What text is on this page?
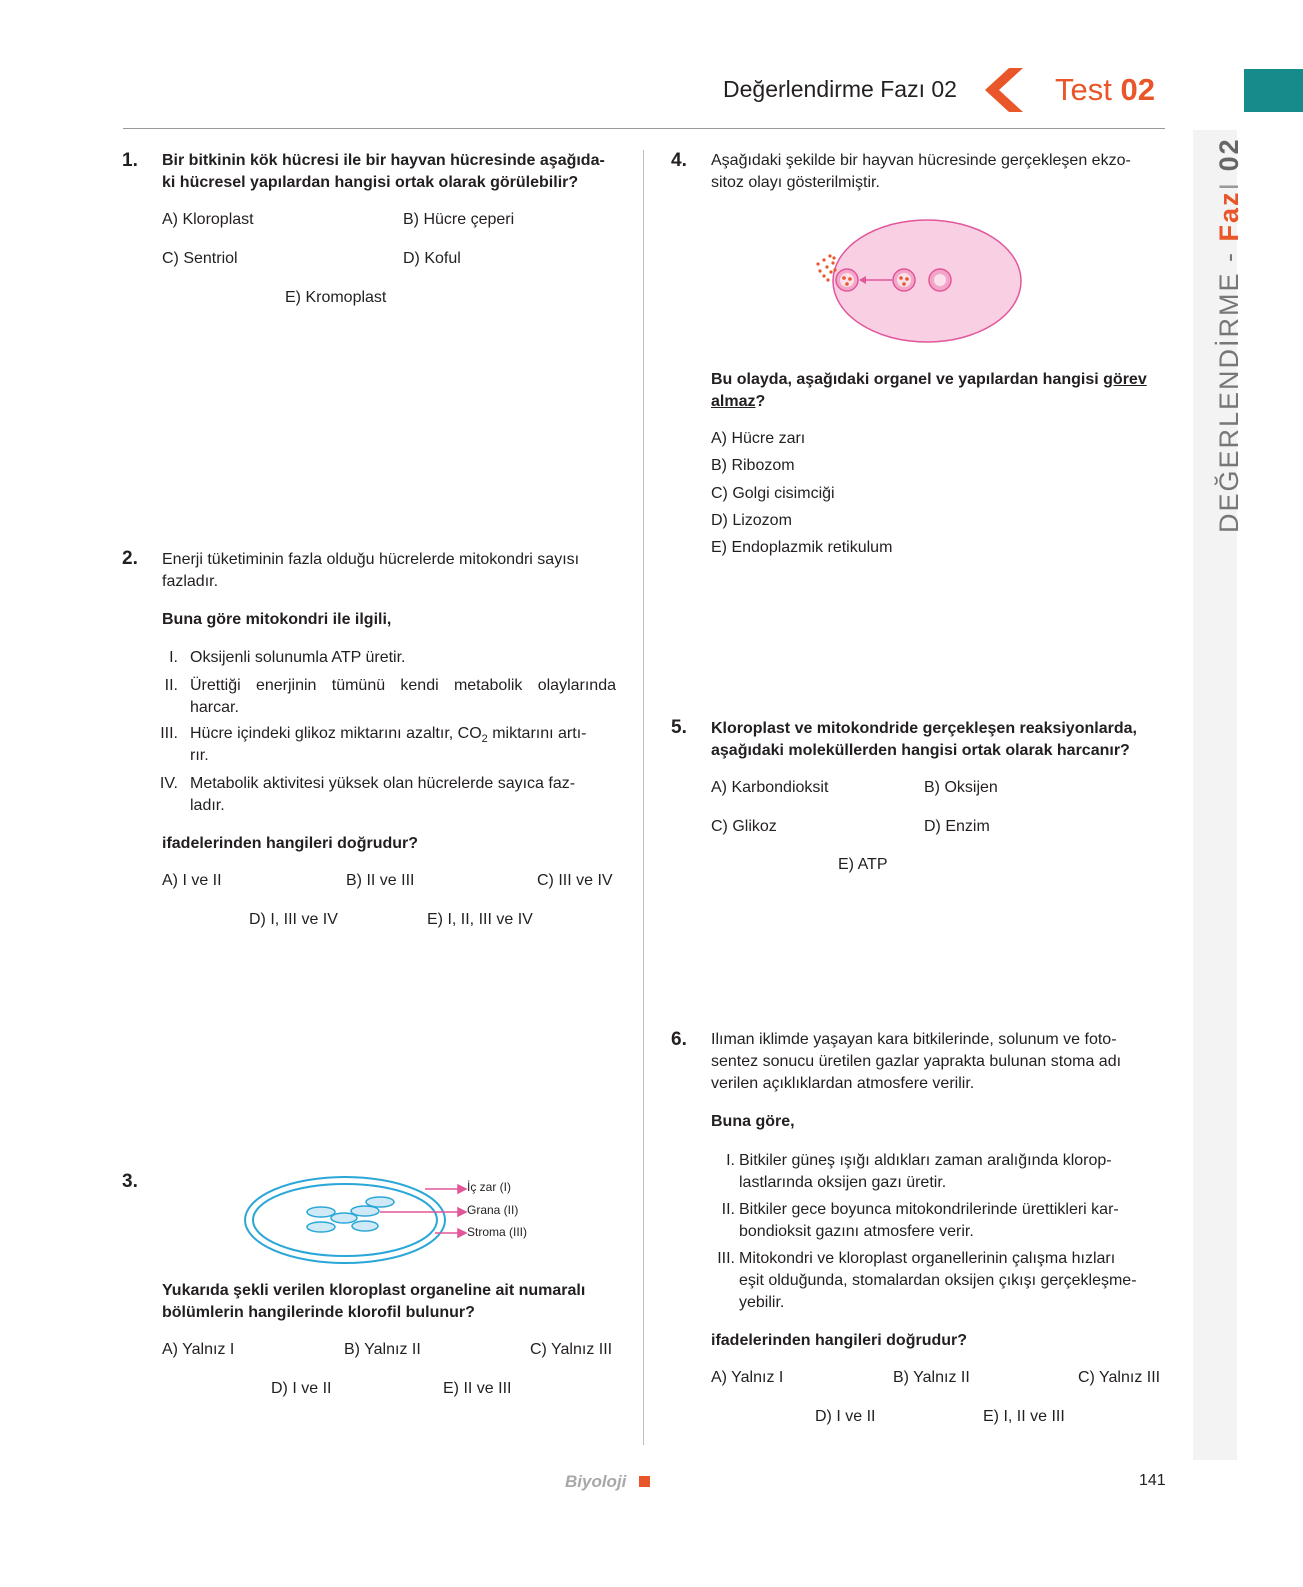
Değerlendirme Fazı 02	Test 02
DEĞERLENDİRME - FazI 02
1. Bir bitkinin kök hücresi ile bir hayvan hücresinde aşağıda-
ki hücresel yapılardan hangisi ortak olarak görülebilir?
A) Kloroplast	B) Hücre çeperi
C) Sentriol	D) Koful
E) Kromoplast
2. Enerji tüketiminin fazla olduğu hücrelerde mitokondri sayısı
fazladır.
Buna göre mitokondri ile ilgili,
I. Oksijenli solunumla ATP üretir.
II. Ürettiği enerjinin tümünü kendi metabolik olaylarında
harcar.
III. Hücre içindeki glikoz miktarını azaltır, $CO_2$ miktarını artı-
rır.
IV. Metabolik aktivitesi yüksek olan hücrelerde sayıca faz-
ladır.
ifadelerinden hangileri doğrudur?
A) I ve II	B) II ve III	C) III ve IV
D) I, III ve IV	E) I, II, III ve IV
3.	İç zar (I)
Grana (II)
Stroma (III)
Yukarıda şekli verilen kloroplast organeline ait numaralı
bölümlerin hangilerinde klorofil bulunur?
A) Yalnız I	B) Yalnız II	C) Yalnız III
D) I ve II	E) II ve III
4. Aşağıdaki şekilde bir hayvan hücresinde gerçekleşen ekzo-
sitoz olayı gösterilmiştir.
Bu olayda, aşağıdaki organel ve yapılardan hangisi görev
almaz?
A) Hücre zarı
B) Ribozom
C) Golgi cisimciği
D) Lizozom
E) Endoplazmik retikulum
5. Kloroplast ve mitokondride gerçekleşen reaksiyonlarda,
aşağıdaki moleküllerden hangisi ortak olarak harcanır?
A) Karbondioksit	B) Oksijen
C) Glikoz	D) Enzim
E) ATP
6. Ilıman iklimde yaşayan kara bitkilerinde, solunum ve foto-
sentez sonucu üretilen gazlar yaprakta bulunan stoma adı
verilen açıklıklardan atmosfere verilir.
Buna göre,
I. Bitkiler güneş ışığı aldıkları zaman aralığında klorop-
lastlarında oksijen gazı üretir.
II. Bitkiler gece boyunca mitokondrilerinde ürettikleri kar-
bondioksit gazını atmosfere verir.
III. Mitokondri ve kloroplast organellerinin çalışma hızları
eşit olduğunda, stomalardan oksijen çıkışı gerçekleşme-
yebilir.
ifadelerinden hangileri doğrudur?
A) Yalnız I	B) Yalnız II	C) Yalnız III
D) I ve II	E) I, II ve III
Biyoloji	141
